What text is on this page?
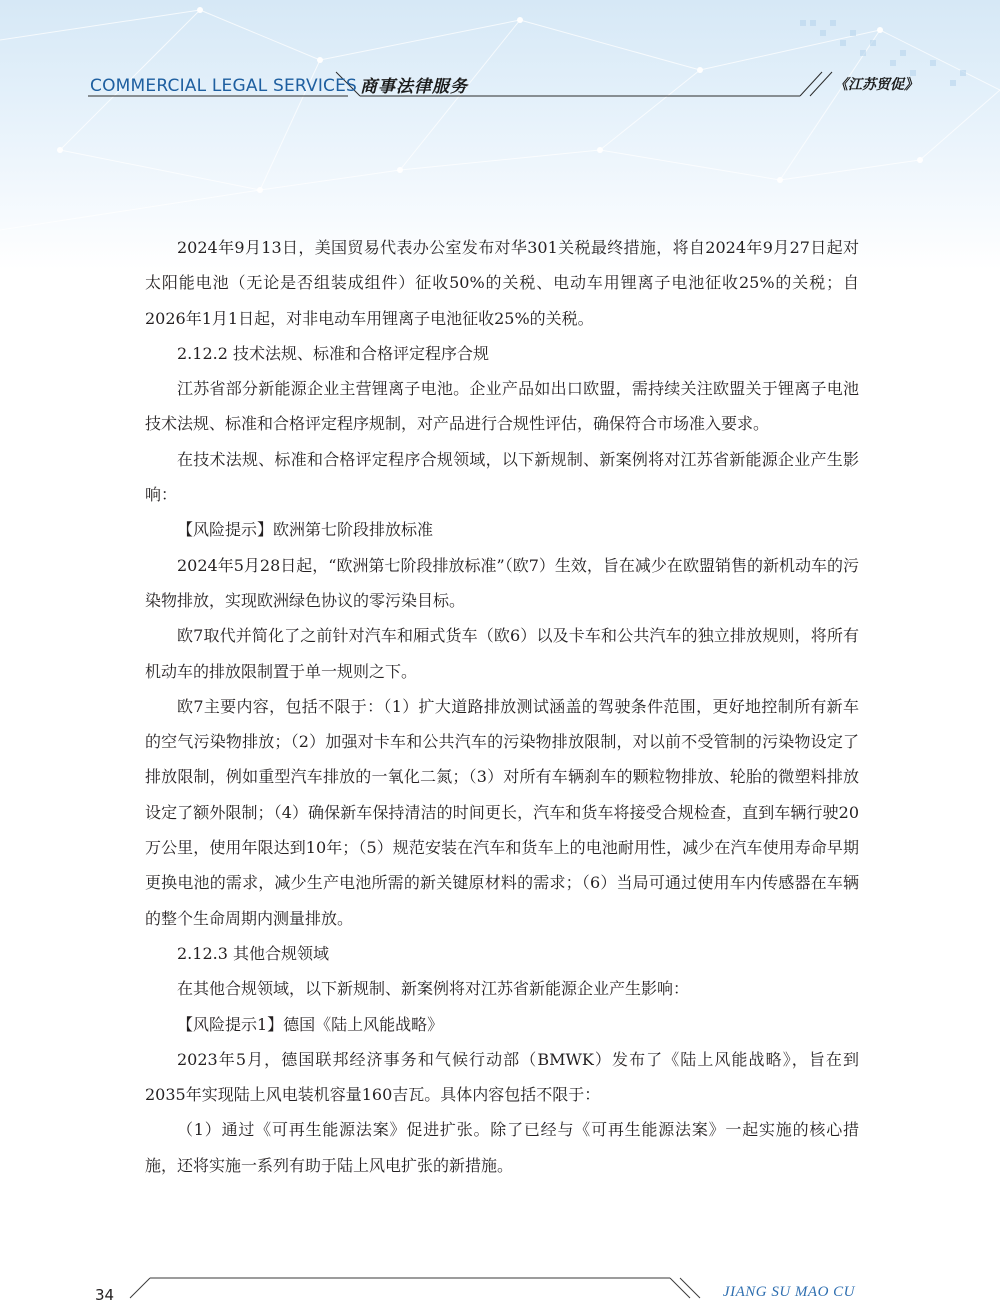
COMMERCIAL LEGAL SERVICES 商事法律服务	《江苏贸促》

2024年9月13日，美国贸易代表办公室发布对华301关税最终措施，将自2024年9月27日起对太阳能电池（无论是否组装成组件）征收50%的关税、电动车用锂离子电池征收25%的关税；自2026年1月1日起，对非电动车用锂离子电池征收25%的关税。

2.12.2 技术法规、标准和合格评定程序合规

江苏省部分新能源企业主营锂离子电池。企业产品如出口欧盟，需持续关注欧盟关于锂离子电池技术法规、标准和合格评定程序规制，对产品进行合规性评估，确保符合市场准入要求。

在技术法规、标准和合格评定程序合规领域，以下新规制、新案例将对江苏省新能源企业产生影响：

【风险提示】欧洲第七阶段排放标准

2024年5月28日起，“欧洲第七阶段排放标准”（欧7）生效，旨在减少在欧盟销售的新机动车的污染物排放，实现欧洲绿色协议的零污染目标。

欧7取代并简化了之前针对汽车和厢式货车（欧6）以及卡车和公共汽车的独立排放规则，将所有机动车的排放限制置于单一规则之下。

欧7主要内容，包括不限于：（1）扩大道路排放测试涵盖的驾驶条件范围，更好地控制所有新车的空气污染物排放；（2）加强对卡车和公共汽车的污染物排放限制，对以前不受管制的污染物设定了排放限制，例如重型汽车排放的一氧化二氮；（3）对所有车辆刹车的颗粒物排放、轮胎的微塑料排放设定了额外限制；（4）确保新车保持清洁的时间更长，汽车和货车将接受合规检查，直到车辆行驶20万公里，使用年限达到10年；（5）规范安装在汽车和货车上的电池耐用性，减少在汽车使用寿命早期更换电池的需求，减少生产电池所需的新关键原材料的需求；（6）当局可通过使用车内传感器在车辆的整个生命周期内测量排放。

2.12.3 其他合规领域

在其他合规领域，以下新规制、新案例将对江苏省新能源企业产生影响：

【风险提示1】德国《陆上风能战略》

2023年5月，德国联邦经济事务和气候行动部（BMWK）发布了《陆上风能战略》，旨在到2035年实现陆上风电装机容量160吉瓦。具体内容包括不限于：

（1）通过《可再生能源法案》促进扩张。除了已经与《可再生能源法案》一起实施的核心措施，还将实施一系列有助于陆上风电扩张的新措施。

34	JIANG SU MAO CU
